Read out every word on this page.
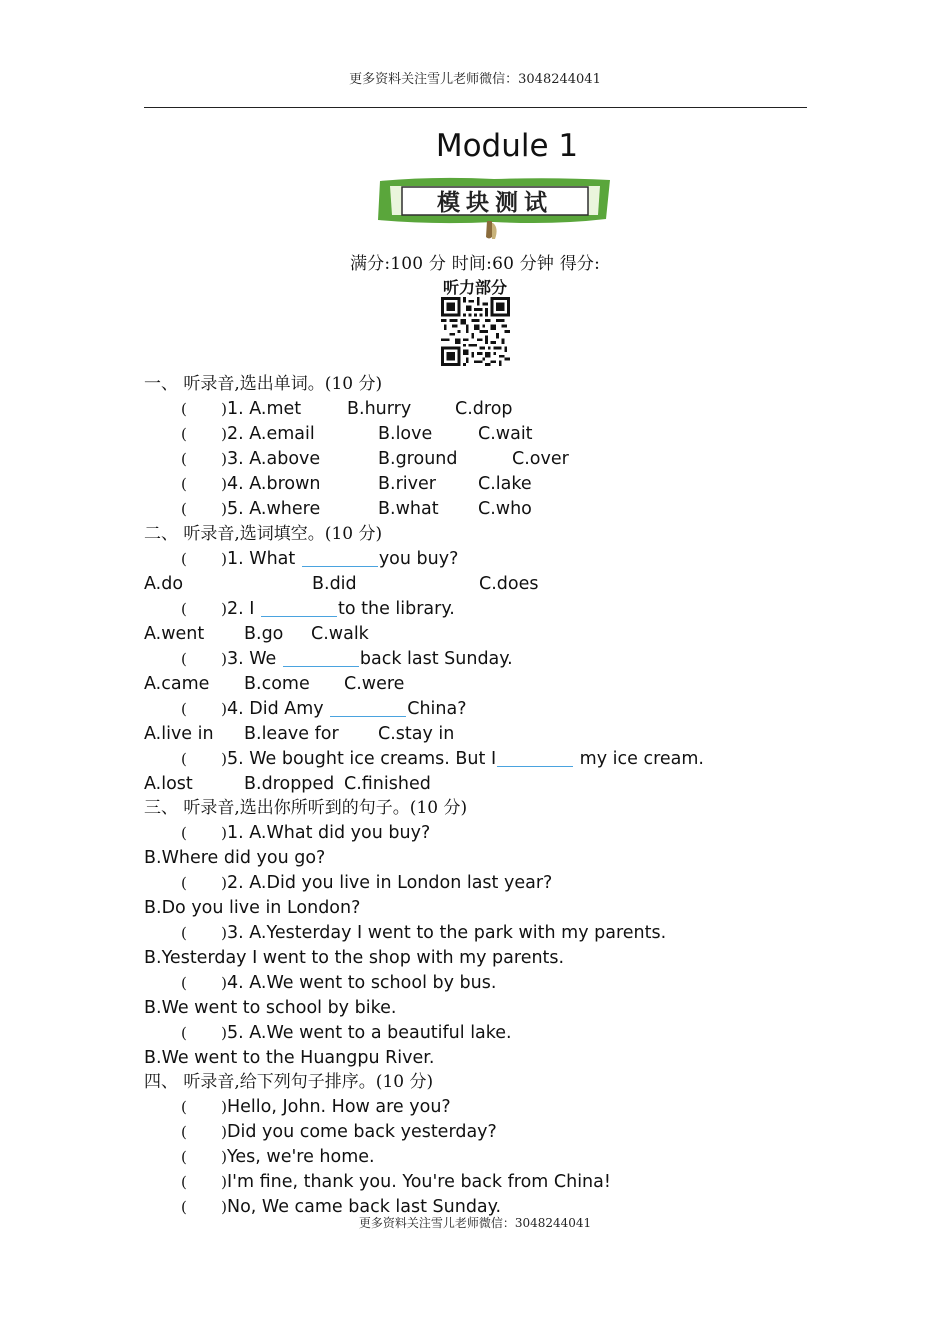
更多资料关注雪儿老师微信：3048244041
Module 1
模块测试
满分:100 分 时间:60 分钟 得分:
听力部分
一、 听录音,选出单词。(10 分)
( ) 1. A.met	B.hurry	C.drop
( ) 2. A.email	B.love	C.wait
( ) 3. A.above	B.ground	C.over
( ) 4. A.brown	B.river C.lake
( ) 5. A.where	B.what C.who
二、 听录音,选词填空。(10 分)
( ) 1. What	you buy?
A.do	B.did	C.does
( ) 2. I	to the library.
A.went B.go C.walk
( ) 3. We	back last Sunday.
A.came B.come C.were
( ) 4. Did Amy	China?
A.live in B.leave for C.stay in
( ) 5. We bought ice creams. But I	my ice cream.
A.lost	B.dropped C.finished
三、 听录音,选出你所听到的句子。(10 分)
( ) 1. A.What did you buy?
B.Where did you go?
( ) 2. A.Did you live in London last year?
B.Do you live in London?
( ) 3. A.Yesterday I went to the park with my parents.
B.Yesterday I went to the shop with my parents.
( ) 4. A.We went to school by bus.
B.We went to school by bike.
( ) 5. A.We went to a beautiful lake.
B.We went to the Huangpu River.
四、 听录音,给下列句子排序。(10 分)
( ) Hello, John. How are you?
( ) Did you come back yesterday?
( ) Yes, we're home.
( ) I'm fine, thank you. You're back from China!
( ) No, We came back last Sunday.
更多资料关注雪儿老师微信：3048244041
